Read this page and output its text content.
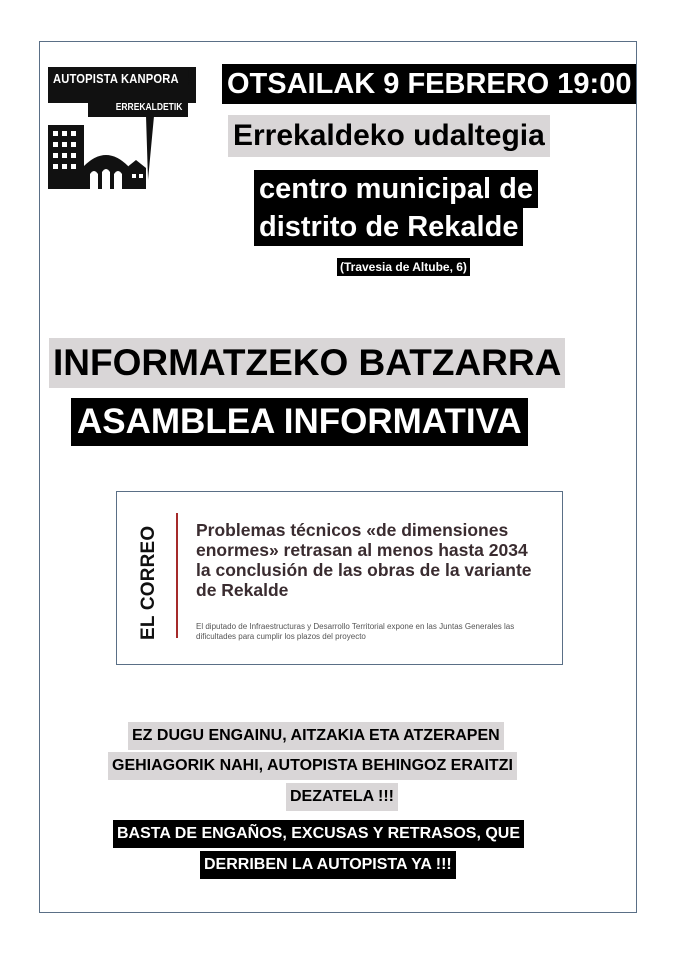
AUTOPISTA KANPORA !
ERREKALDETIK
OTSAILAK 9 FEBRERO 19:00
Errekaldeko udaltegia
centro municipal de
distrito de Rekalde
(Travesia de Altube, 6)
INFORMATZEKO BATZARRA
ASAMBLEA INFORMATIVA
EL CORREO Problemas técnicos «de dimensiones enormes» retrasan al menos hasta 2034 la conclusión de las obras de la variante de Rekalde
El diputado de Infraestructuras y Desarrollo Territorial expone en las Juntas Generales las dificultades para cumplir los plazos del proyecto
EZ DUGU ENGAINU, AITZAKIA ETA ATZERAPEN
GEHIAGORIK NAHI, AUTOPISTA BEHINGOZ ERAITZI
DEZATELA !!!
BASTA DE ENGAÑOS, EXCUSAS Y RETRASOS, QUE
DERRIBEN LA AUTOPISTA YA !!!
